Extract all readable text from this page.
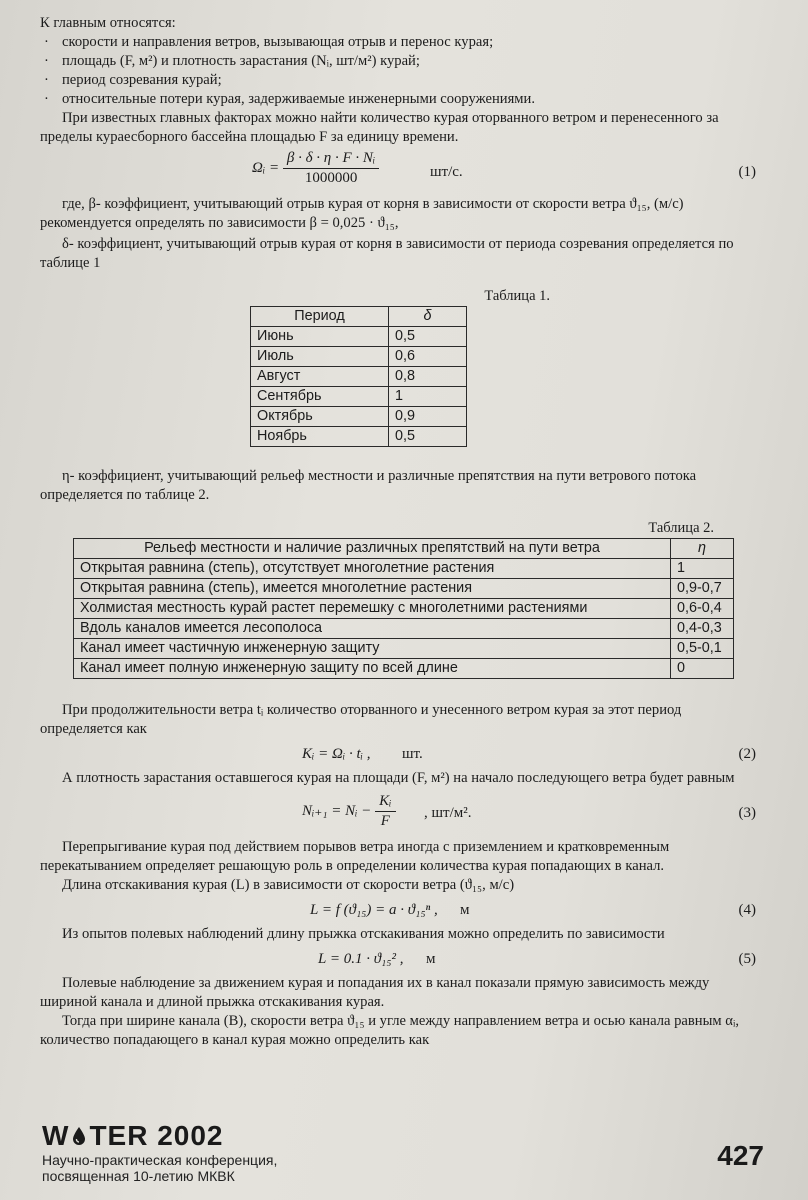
К главным относятся:

· скорости и направления ветров, вызывающая отрыв и перенос курая;

· площадь (F, м²) и плотность зарастания (Nᵢ, шт/м²) курай;

· период созревания курай;

· относительные потери курая, задерживаемые инженерными сооружениями.

При известных главных факторах можно найти количество курая оторванного ветром и перенесенного за пределы курaесборного бассейна площадью F за единицу времени.

Ωᵢ = $\frac{\text{β · δ · η · F · Nᵢ}}{1000000}$	шт/с.	(1)

где, β- коэффициент, учитывающий отрыв курая от корня в зависимости от скорости ветра ϑ₁₅, (м/с) рекомендуется определять по зависимости β = 0,025 · ϑ₁₅,

δ- коэффициент, учитывающий отрыв курая от корня в зависимости от периода созревания определяется по таблице 1

Таблица 1.
Период	δ
Июнь	0,5
Июль	0,6
Август	0,8
Сентябрь	1
Октябрь	0,9
Ноябрь	0,5

η- коэффициент, учитывающий рельеф местности и различные препятствия на пути ветрового потока определяется по таблице 2.

Таблица 2.
Рельеф местности и наличие различных препятствий на пути ветра	η
Открытая равнина (степь), отсутствует многолетние растения	1
Открытая равнина (степь), имеется многолетние растения	0,9-0,7
Холмистая местность курай растет перемешку с многолетними растениями	0,6-0,4
Вдоль каналов имеется лесополоса	0,4-0,3
Канал имеет частичную инженерную защиту	0,5-0,1
Канал имеет полную инженерную защиту по всей длине	0

При продолжительности ветра tᵢ количество оторванного и унесенного ветром курая за этот период определяется как

Kᵢ = Ωᵢ · tᵢ , шт.	(2)

А плотность зарастания оставшегося курая на площади (F, м²) на начало последующего ветра будет равным

Nᵢ₊₁ = Nᵢ − $\frac{\text{Kᵢ}}{F}$ , шт/м².	(3)

Перепрыгивание курая под действием порывов ветра иногда с приземлением и кратковременным перекатыванием определяет решающую роль в определении количества курая попадающих в канал.

Длина отскакивания курая (L) в зависимости от скорости ветра (ϑ₁₅, м/с)

L = f (ϑ₁₅) = a · ϑ₁₅ⁿ , м	(4)

Из опытов полевых наблюдений длину прыжка отскакивания можно определить по зависимости

L = 0.1 · ϑ₁₅² , м	(5)

Полевые наблюдение за движением курая и попадания их в канал показали прямую зависимость между шириной канала и длиной прыжка отскакивания курая.

Тогда при ширине канала (B), скорости ветра ϑ₁₅ и угле между направлением ветра и осью канала равным αᵢ, количество попадающего в канал курая можно определить как

W TER 2002
Научно-практическая конференция,
посвященная 10-летию МКВК
427
